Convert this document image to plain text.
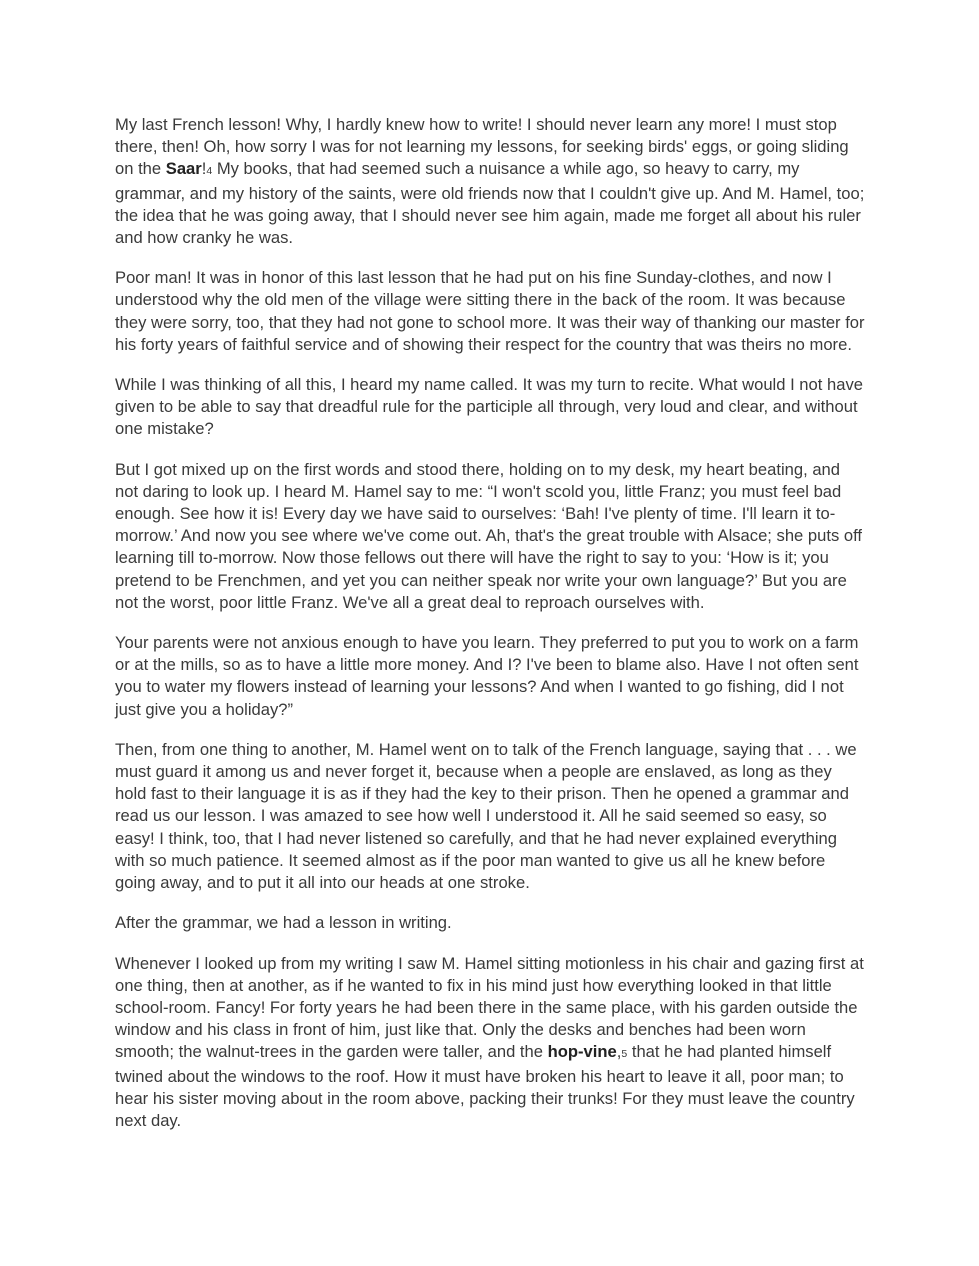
My last French lesson! Why, I hardly knew how to write! I should never learn any more! I must stop there, then! Oh, how sorry I was for not learning my lessons, for seeking birds' eggs, or going sliding on the Saar!4 My books, that had seemed such a nuisance a while ago, so heavy to carry, my grammar, and my history of the saints, were old friends now that I couldn't give up. And M. Hamel, too; the idea that he was going away, that I should never see him again, made me forget all about his ruler and how cranky he was.

Poor man! It was in honor of this last lesson that he had put on his fine Sunday-clothes, and now I understood why the old men of the village were sitting there in the back of the room. It was because they were sorry, too, that they had not gone to school more. It was their way of thanking our master for his forty years of faithful service and of showing their respect for the country that was theirs no more.

While I was thinking of all this, I heard my name called. It was my turn to recite. What would I not have given to be able to say that dreadful rule for the participle all through, very loud and clear, and without one mistake?

But I got mixed up on the first words and stood there, holding on to my desk, my heart beating, and not daring to look up. I heard M. Hamel say to me: “I won't scold you, little Franz; you must feel bad enough. See how it is! Every day we have said to ourselves: ‘Bah! I've plenty of time. I'll learn it to-morrow.’ And now you see where we've come out. Ah, that's the great trouble with Alsace; she puts off learning till to-morrow. Now those fellows out there will have the right to say to you: ‘How is it; you pretend to be Frenchmen, and yet you can neither speak nor write your own language?’ But you are not the worst, poor little Franz. We've all a great deal to reproach ourselves with.

Your parents were not anxious enough to have you learn. They preferred to put you to work on a farm or at the mills, so as to have a little more money. And I? I've been to blame also. Have I not often sent you to water my flowers instead of learning your lessons? And when I wanted to go fishing, did I not just give you a holiday?”

Then, from one thing to another, M. Hamel went on to talk of the French language, saying that . . . we must guard it among us and never forget it, because when a people are enslaved, as long as they hold fast to their language it is as if they had the key to their prison. Then he opened a grammar and read us our lesson. I was amazed to see how well I understood it. All he said seemed so easy, so easy! I think, too, that I had never listened so carefully, and that he had never explained everything with so much patience. It seemed almost as if the poor man wanted to give us all he knew before going away, and to put it all into our heads at one stroke.

After the grammar, we had a lesson in writing.

Whenever I looked up from my writing I saw M. Hamel sitting motionless in his chair and gazing first at one thing, then at another, as if he wanted to fix in his mind just how everything looked in that little school-room. Fancy! For forty years he had been there in the same place, with his garden outside the window and his class in front of him, just like that. Only the desks and benches had been worn smooth; the walnut-trees in the garden were taller, and the hop-vine,5 that he had planted himself twined about the windows to the roof. How it must have broken his heart to leave it all, poor man; to hear his sister moving about in the room above, packing their trunks! For they must leave the country next day.
